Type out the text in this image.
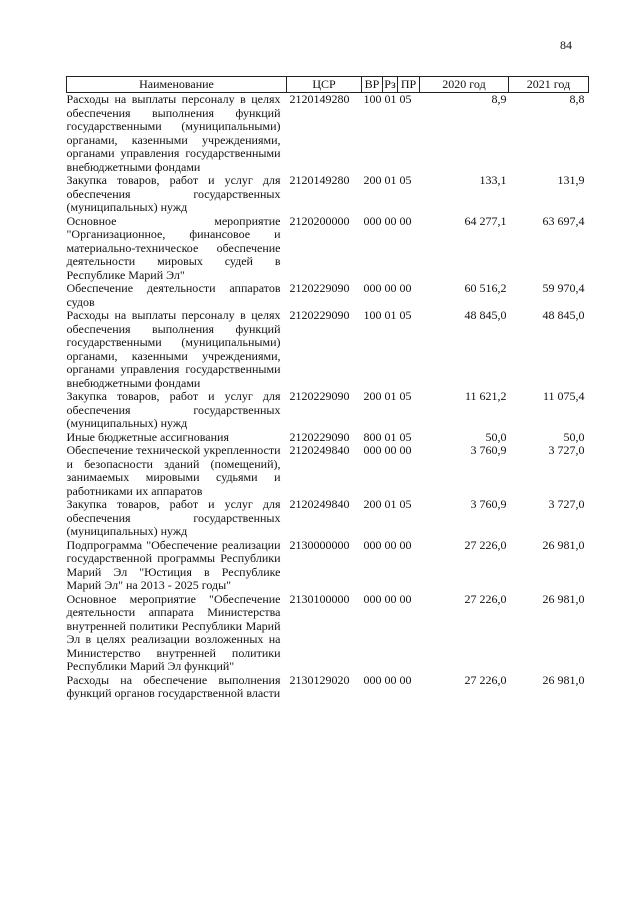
84
Наименование	ЦСР	ВР	Рз	ПР	2020 год	2021 год
Расходы на выплаты персоналу в целях обеспечения выполнения функций государственными (муниципальными) органами, казенными учреждениями, органами управления государственными внебюджетными фондами	2120149280	100	01	05	8,9	8,8
Закупка товаров, работ и услуг для обеспечения государственных (муниципальных) нужд	2120149280	200	01	05	133,1	131,9
Основное мероприятие "Организационное, финансовое и материально-техническое обеспечение деятельности мировых судей в Республике Марий Эл"	2120200000	000	00	00	64 277,1	63 697,4
Обеспечение деятельности аппаратов судов	2120229090	000	00	00	60 516,2	59 970,4
Расходы на выплаты персоналу в целях обеспечения выполнения функций государственными (муниципальными) органами, казенными учреждениями, органами управления государственными внебюджетными фондами	2120229090	100	01	05	48 845,0	48 845,0
Закупка товаров, работ и услуг для обеспечения государственных (муниципальных) нужд	2120229090	200	01	05	11 621,2	11 075,4
Иные бюджетные ассигнования	2120229090	800	01	05	50,0	50,0
Обеспечение технической укрепленности и безопасности зданий (помещений), занимаемых мировыми судьями и работниками их аппаратов	2120249840	000	00	00	3 760,9	3 727,0
Закупка товаров, работ и услуг для обеспечения государственных (муниципальных) нужд	2120249840	200	01	05	3 760,9	3 727,0
Подпрограмма "Обеспечение реализации государственной программы Республики Марий Эл "Юстиция в Республике Марий Эл" на 2013 - 2025 годы"	2130000000	000	00	00	27 226,0	26 981,0
Основное мероприятие "Обеспечение деятельности аппарата Министерства внутренней политики Республики Марий Эл в целях реализации возложенных на Министерство внутренней политики Республики Марий Эл функций"	2130100000	000	00	00	27 226,0	26 981,0
Расходы на обеспечение выполнения функций органов государственной власти	2130129020	000	00	00	27 226,0	26 981,0
